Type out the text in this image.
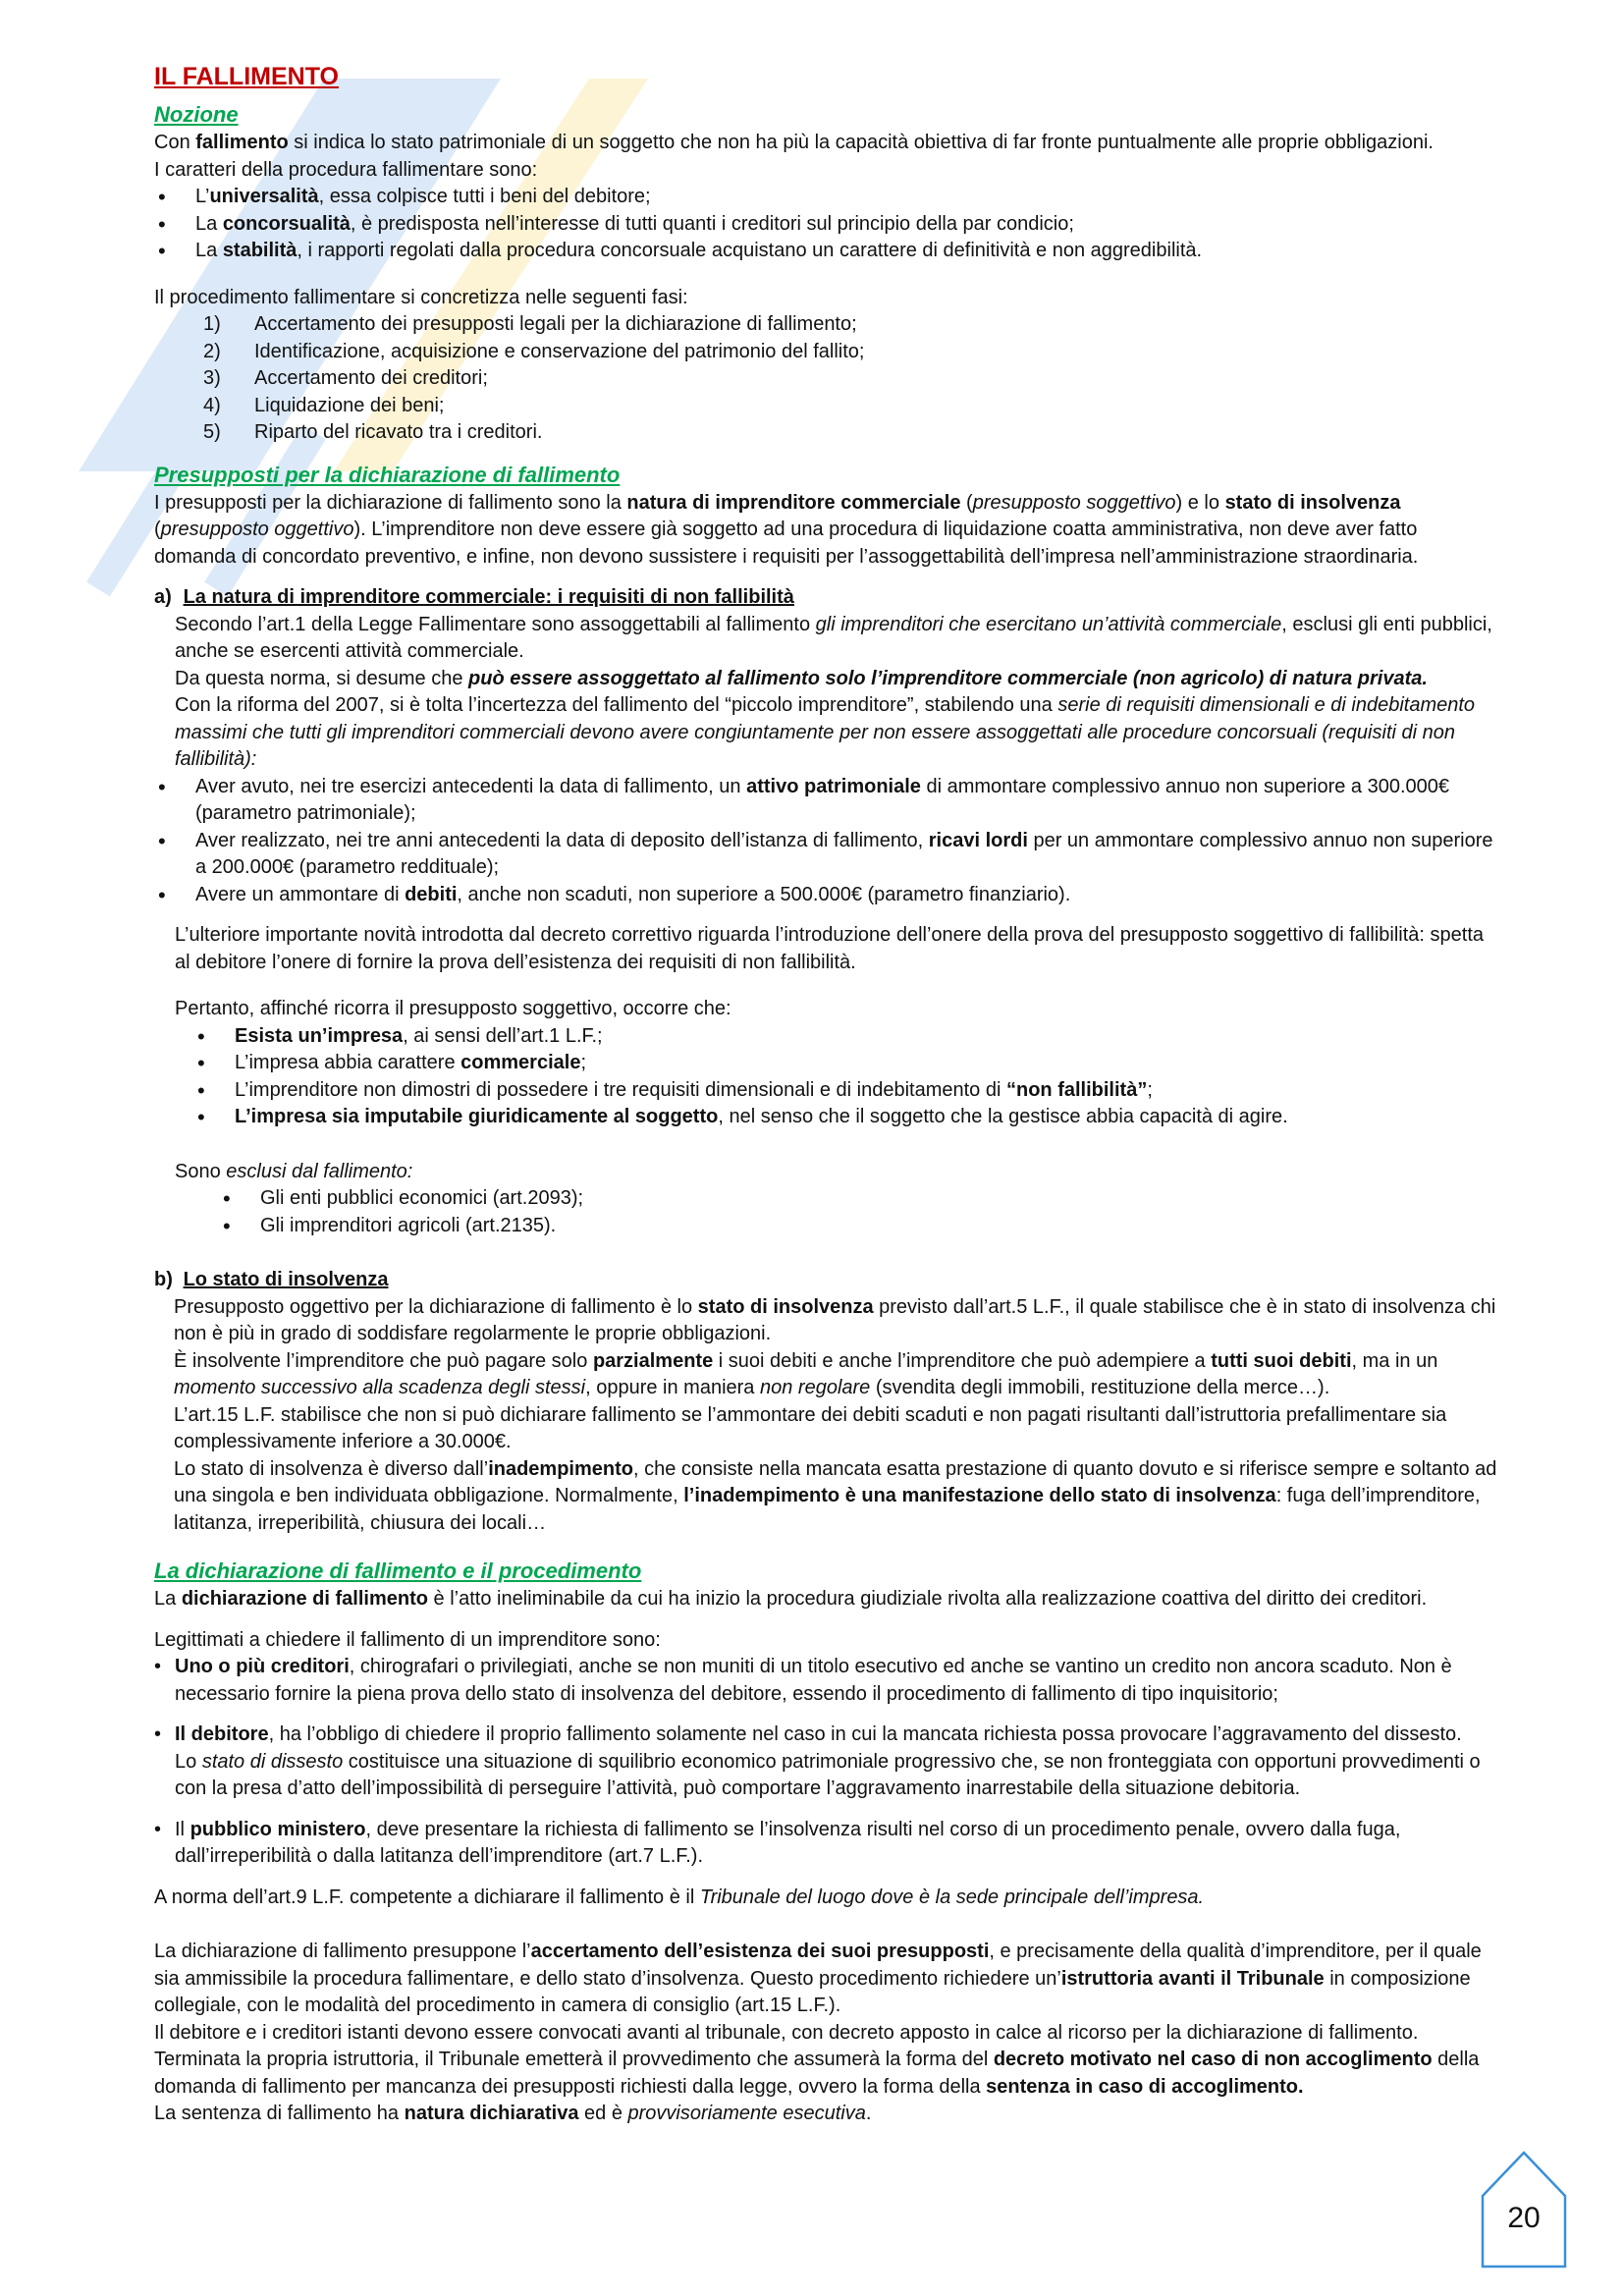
IL FALLIMENTO
Nozione

Con fallimento si indica lo stato patrimoniale di un soggetto che non ha più la capacità obiettiva di far fronte puntualmente alle proprie obbligazioni.

I caratteri della procedura fallimentare sono:

• L’universalità, essa colpisce tutti i beni del debitore;
• La concorsualità, è predisposta nell’interesse di tutti quanti i creditori sul principio della par condicio;
• La stabilità, i rapporti regolati dalla procedura concorsuale acquistano un carattere di definitività e non aggredibilità.

Il procedimento fallimentare si concretizza nelle seguenti fasi:

1) Accertamento dei presupposti legali per la dichiarazione di fallimento;
2) Identificazione, acquisizione e conservazione del patrimonio del fallito;
3) Accertamento dei creditori;
4) Liquidazione dei beni;
5) Riparto del ricavato tra i creditori.
Presupposti per la dichiarazione di fallimento

I presupposti per la dichiarazione di fallimento sono la natura di imprenditore commerciale (presupposto soggettivo) e lo stato di insolvenza (presupposto oggettivo). L’imprenditore non deve essere già soggetto ad una procedura di liquidazione coatta amministrativa, non deve aver fatto domanda di concordato preventivo, e infine, non devono sussistere i requisiti per l’assoggettabilità dell’impresa nell’amministrazione straordinaria.

a) La natura di imprenditore commerciale: i requisiti di non fallibilità

Secondo l’art.1 della Legge Fallimentare sono assoggettabili al fallimento gli imprenditori che esercitano un’attività commerciale, esclusi gli enti pubblici, anche se esercenti attività commerciale.

Da questa norma, si desume che può essere assoggettato al fallimento solo l’imprenditore commerciale (non agricolo) di natura privata.

Con la riforma del 2007, si è tolta l’incertezza del fallimento del “piccolo imprenditore”, stabilendo una serie di requisiti dimensionali e di indebitamento massimi che tutti gli imprenditori commerciali devono avere congiuntamente per non essere assoggettati alle procedure concorsuali (requisiti di non fallibilità):

• Aver avuto, nei tre esercizi antecedenti la data di fallimento, un attivo patrimoniale di ammontare complessivo annuo non superiore a 300.000€ (parametro patrimoniale);
• Aver realizzato, nei tre anni antecedenti la data di deposito dell’istanza di fallimento, ricavi lordi per un ammontare complessivo annuo non superiore a 200.000€ (parametro reddituale);
• Avere un ammontare di debiti, anche non scaduti, non superiore a 500.000€ (parametro finanziario).

L’ulteriore importante novità introdotta dal decreto correttivo riguarda l’introduzione dell’onere della prova del presupposto soggettivo di fallibilità: spetta al debitore l’onere di fornire la prova dell’esistenza dei requisiti di non fallibilità.

Pertanto, affinché ricorra il presupposto soggettivo, occorre che:

• Esista un’impresa, ai sensi dell’art.1 L.F.;
• L’impresa abbia carattere commerciale;
• L’imprenditore non dimostri di possedere i tre requisiti dimensionali e di indebitamento di “non fallibilità”;
• L’impresa sia imputabile giuridicamente al soggetto, nel senso che il soggetto che la gestisce abbia capacità di agire.

Sono esclusi dal fallimento:

• Gli enti pubblici economici (art.2093);
• Gli imprenditori agricoli (art.2135).
b) Lo stato di insolvenza

Presupposto oggettivo per la dichiarazione di fallimento è lo stato di insolvenza previsto dall’art.5 L.F., il quale stabilisce che è in stato di insolvenza chi non è più in grado di soddisfare regolarmente le proprie obbligazioni.

È insolvente l’imprenditore che può pagare solo parzialmente i suoi debiti e anche l’imprenditore che può adempiere a tutti suoi debiti, ma in un momento successivo alla scadenza degli stessi, oppure in maniera non regolare (svendita degli immobili, restituzione della merce…).

L’art.15 L.F. stabilisce che non si può dichiarare fallimento se l’ammontare dei debiti scaduti e non pagati risultanti dall’istruttoria prefallimentare sia complessivamente inferiore a 30.000€.

Lo stato di insolvenza è diverso dall’inadempimento, che consiste nella mancata esatta prestazione di quanto dovuto e si riferisce sempre e soltanto ad una singola e ben individuata obbligazione. Normalmente, l’inadempimento è una manifestazione dello stato di insolvenza: fuga dell’imprenditore, latitanza, irreperibilità, chiusura dei locali…

La dichiarazione di fallimento e il procedimento

La dichiarazione di fallimento è l’atto ineliminabile da cui ha inizio la procedura giudiziale rivolta alla realizzazione coattiva del diritto dei creditori.

Legittimati a chiedere il fallimento di un imprenditore sono:

• Uno o più creditori, chirografari o privilegiati, anche se non muniti di un titolo esecutivo ed anche se vantino un credito non ancora scaduto. Non è necessario fornire la piena prova dello stato di insolvenza del debitore, essendo il procedimento di fallimento di tipo inquisitorio;
• Il debitore, ha l’obbligo di chiedere il proprio fallimento solamente nel caso in cui la mancata richiesta possa provocare l’aggravamento del dissesto.
Lo stato di dissesto costituisce una situazione di squilibrio economico patrimoniale progressivo che, se non fronteggiata con opportuni provvedimenti o con la presa d’atto dell’impossibilità di perseguire l’attività, può comportare l’aggravamento inarrestabile della situazione debitoria.
• Il pubblico ministero, deve presentare la richiesta di fallimento se l’insolvenza risulti nel corso di un procedimento penale, ovvero dalla fuga, dall’irreperibilità o dalla latitanza dell’imprenditore (art.7 L.F.).

A norma dell’art.9 L.F. competente a dichiarare il fallimento è il Tribunale del luogo dove è la sede principale dell’impresa.

La dichiarazione di fallimento presuppone l’accertamento dell’esistenza dei suoi presupposti, e precisamente della qualità d’imprenditore, per il quale sia ammissibile la procedura fallimentare, e dello stato d’insolvenza. Questo procedimento richiedere un’istruttoria avanti il Tribunale in composizione collegiale, con le modalità del procedimento in camera di consiglio (art.15 L.F.).

Il debitore e i creditori istanti devono essere convocati avanti al tribunale, con decreto apposto in calce al ricorso per la dichiarazione di fallimento.

Terminata la propria istruttoria, il Tribunale emetterà il provvedimento che assumerà la forma del decreto motivato nel caso di non accoglimento della domanda di fallimento per mancanza dei presupposti richiesti dalla legge, ovvero la forma della sentenza in caso di accoglimento.

La sentenza di fallimento ha natura dichiarativa ed è provvisoriamente esecutiva.

20
